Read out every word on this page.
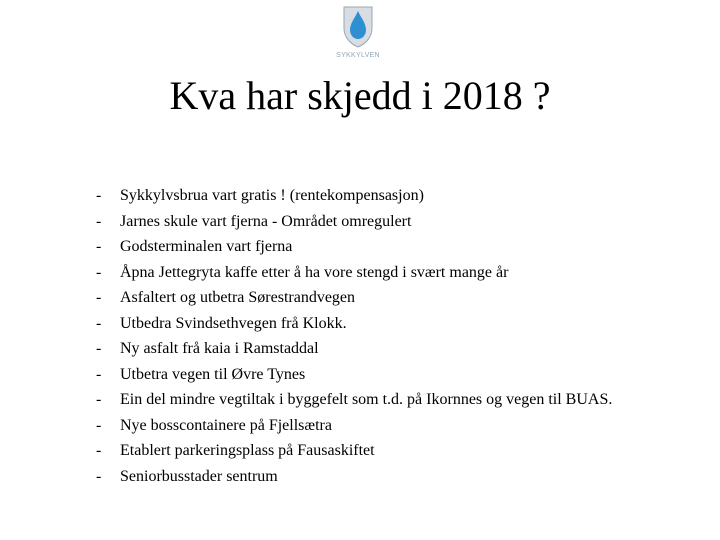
SYKKYLVEN
Kva har skjedd i 2018 ?
- Sykkylvsbrua vart gratis ! (rentekompensasjon)
- Jarnes skule vart fjerna - Området omregulert
- Godsterminalen vart fjerna
- Åpna Jettegryta kaffe etter å ha vore stengd i svært mange år
- Asfaltert og utbetra Sørestrandvegen
- Utbedra Svindsethvegen frå Klokk.
- Ny asfalt frå kaia i Ramstaddal
- Utbetra vegen til Øvre Tynes
- Ein del mindre vegtiltak i byggefelt som t.d. på Ikornnes og vegen til BUAS.
- Nye bosscontainere på Fjellsætra
- Etablert parkeringsplass på Fausaskiftet
- Seniorbusstader sentrum
